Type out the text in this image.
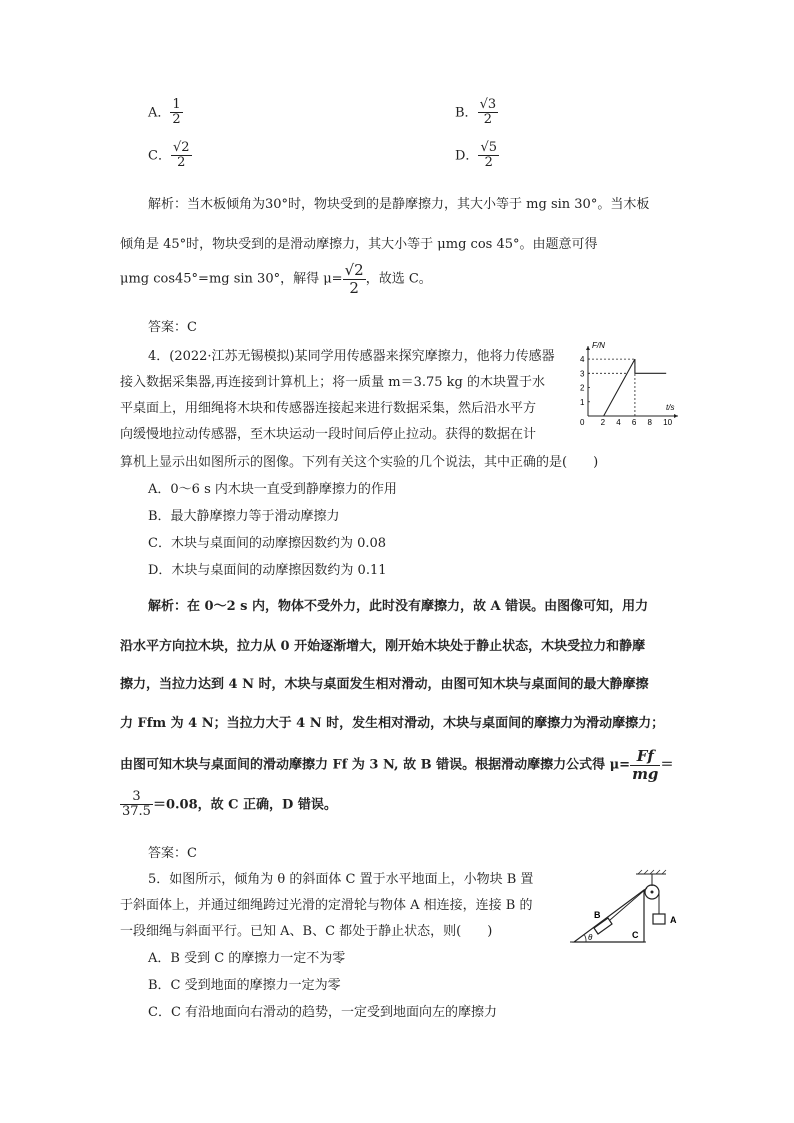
A． $\frac{1}{2}$	B． $\frac{√3}{2}$
C． $\frac{√2}{2}$	D． $\frac{√5}{2}$
解析：当木板倾角为30°时，物块受到的是静摩擦力，其大小等于 mg sin 30°。当木板
倾角是 45°时，物块受到的是滑动摩擦力，其大小等于 μmg cos 45°。由题意可得
μmg cos45°=mg sin 30°，解得 $\mu= \frac{√2}{2}$ ，故选 C。
答案：C
4．(2022·江苏无锡模拟)某同学用传感器来探究摩擦力，他将力传感器
接入数据采集器,再连接到计算机上；将一质量 m＝3.75 kg 的木块置于水
平桌面上，用细绳将木块和传感器连接起来进行数据采集，然后沿水平方
向缓慢地拉动传感器，至木块运动一段时间后停止拉动。获得的数据在计
算机上显示出如图所示的图像。下列有关这个实验的几个说法，其中正确的是(　　)
F/N
t/s
0 2 4 6 8 10
1
2
3
4
A．0～6 s 内木块一直受到静摩擦力的作用
B．最大静摩擦力等于滑动摩擦力
C．木块与桌面间的动摩擦因数约为 0.08
D．木块与桌面间的动摩擦因数约为 0.11
解析：在 0～2 s 内，物体不受外力，此时没有摩擦力，故 A 错误。由图像可知，用力
沿水平方向拉木块，拉力从 0 开始逐渐增大，刚开始木块处于静止状态，木块受拉力和静摩
擦力，当拉力达到 4 N 时，木块与桌面发生相对滑动，由图可知木块与桌面间的最大静摩擦
力 Ffm 为 4 N；当拉力大于 4 N 时，发生相对滑动，木块与桌面间的摩擦力为滑动摩擦力；
由图可知木块与桌面间的滑动摩擦力 Ff 为 3 N, 故 B 错误。根据滑动摩擦力公式得 $\mu= \frac{Ff}{mg}$ ＝
$\frac{3}{37.5} =0.08$，故 C 正确，D 错误。
答案：C
5．如图所示，倾角为 θ 的斜面体 C 置于水平地面上，小物块 B 置
于斜面体上，并通过细绳跨过光滑的定滑轮与物体 A 相连接，连接 B 的
一段细绳与斜面平行。已知 A、B、C 都处于静止状态，则(　　)
A．B 受到 C 的摩擦力一定不为零
B．C 受到地面的摩擦力一定为零
C．C 有沿地面向右滑动的趋势，一定受到地面向左的摩擦力
θ
B	A
C
